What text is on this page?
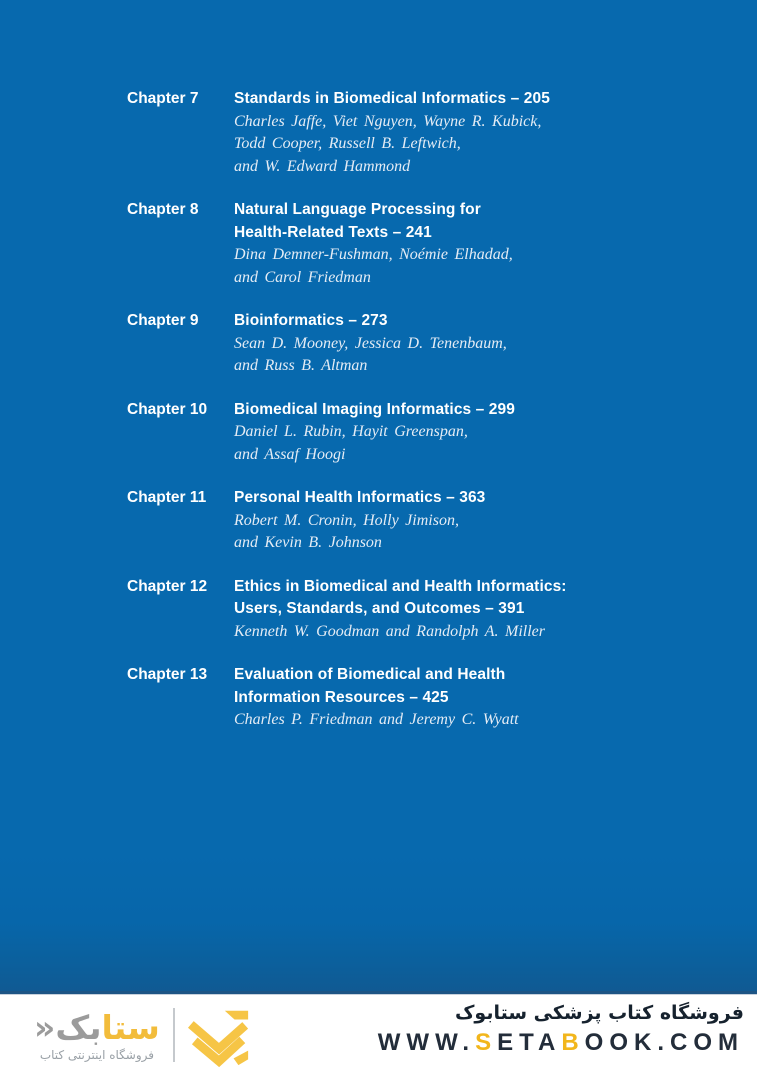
Chapter 7	Standards in Biomedical Informatics – 205
Charles Jaffe, Viet Nguyen, Wayne R. Kubick,
Todd Cooper, Russell B. Leftwich,
and W. Edward Hammond
Chapter 8	Natural Language Processing for
Health-Related Texts – 241
Dina Demner-Fushman, Noémie Elhadad,
and Carol Friedman
Chapter 9	Bioinformatics – 273
Sean D. Mooney, Jessica D. Tenenbaum,
and Russ B. Altman
Chapter 10	Biomedical Imaging Informatics – 299
Daniel L. Rubin, Hayit Greenspan,
and Assaf Hoogi
Chapter 11	Personal Health Informatics – 363
Robert M. Cronin, Holly Jimison,
and Kevin B. Johnson
Chapter 12	Ethics in Biomedical and Health Informatics:
Users, Standards, and Outcomes – 391
Kenneth W. Goodman and Randolph A. Miller
Chapter 13	Evaluation of Biomedical and Health
Information Resources – 425
Charles P. Friedman and Jeremy C. Wyatt
ستابک«
فروشگاه اینترنتی کتاب
فروشگاه کتاب پزشکی ستابوک
WWW.SETABOOK.COM
